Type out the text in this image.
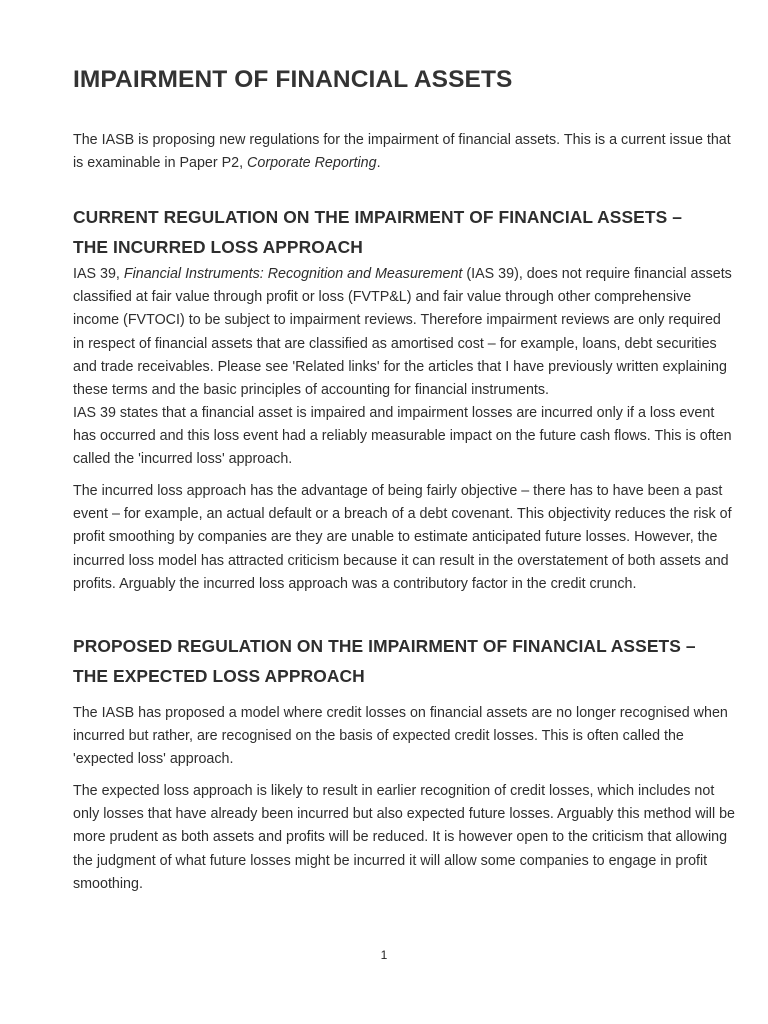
IMPAIRMENT OF FINANCIAL ASSETS

The IASB is proposing new regulations for the impairment of financial assets. This is a current issue that is examinable in Paper P2, Corporate Reporting.

CURRENT REGULATION ON THE IMPAIRMENT OF FINANCIAL ASSETS –
THE INCURRED LOSS APPROACH

IAS 39, Financial Instruments: Recognition and Measurement (IAS 39), does not require financial assets classified at fair value through profit or loss (FVTP&L) and fair value through other comprehensive income (FVTOCI) to be subject to impairment reviews. Therefore impairment reviews are only required in respect of financial assets that are classified as amortised cost – for example, loans, debt securities and trade receivables. Please see 'Related links' for the articles that I have previously written explaining these terms and the basic principles of accounting for financial instruments.

IAS 39 states that a financial asset is impaired and impairment losses are incurred only if a loss event has occurred and this loss event had a reliably measurable impact on the future cash flows. This is often called the 'incurred loss' approach.

The incurred loss approach has the advantage of being fairly objective – there has to have been a past event – for example, an actual default or a breach of a debt covenant. This objectivity reduces the risk of profit smoothing by companies are they are unable to estimate anticipated future losses. However, the incurred loss model has attracted criticism because it can result in the overstatement of both assets and profits. Arguably the incurred loss approach was a contributory factor in the credit crunch.

PROPOSED REGULATION ON THE IMPAIRMENT OF FINANCIAL ASSETS –
THE EXPECTED LOSS APPROACH

The IASB has proposed a model where credit losses on financial assets are no longer recognised when incurred but rather, are recognised on the basis of expected credit losses. This is often called the 'expected loss' approach.

The expected loss approach is likely to result in earlier recognition of credit losses, which includes not only losses that have already been incurred but also expected future losses. Arguably this method will be more prudent as both assets and profits will be reduced. It is however open to the criticism that allowing the judgment of what future losses might be incurred it will allow some companies to engage in profit smoothing.

1
